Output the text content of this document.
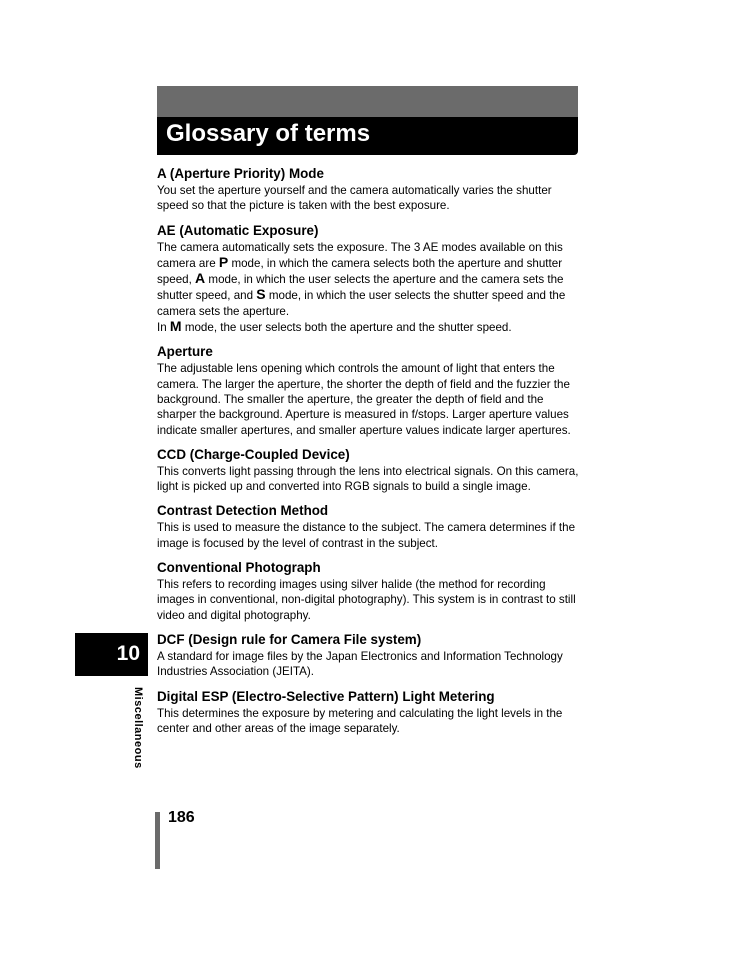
Glossary of terms
A (Aperture Priority) Mode

You set the aperture yourself and the camera automatically varies the shutter speed so that the picture is taken with the best exposure.

AE (Automatic Exposure)

The camera automatically sets the exposure. The 3 AE modes available on this camera are P mode, in which the camera selects both the aperture and shutter speed, A mode, in which the user selects the aperture and the camera sets the shutter speed, and S mode, in which the user selects the shutter speed and the camera sets the aperture.
In M mode, the user selects both the aperture and the shutter speed.

Aperture

The adjustable lens opening which controls the amount of light that enters the camera. The larger the aperture, the shorter the depth of field and the fuzzier the background. The smaller the aperture, the greater the depth of field and the sharper the background. Aperture is measured in f/stops. Larger aperture values indicate smaller apertures, and smaller aperture values indicate larger apertures.

CCD (Charge-Coupled Device)

This converts light passing through the lens into electrical signals. On this camera, light is picked up and converted into RGB signals to build a single image.

Contrast Detection Method

This is used to measure the distance to the subject. The camera determines if the image is focused by the level of contrast in the subject.

Conventional Photograph

This refers to recording images using silver halide (the method for recording images in conventional, non-digital photography). This system is in contrast to still video and digital photography.

DCF (Design rule for Camera File system)

A standard for image files by the Japan Electronics and Information Technology Industries Association (JEITA).

Digital ESP (Electro-Selective Pattern) Light Metering

This determines the exposure by metering and calculating the light levels in the center and other areas of the image separately.

10
Miscellaneous
186
